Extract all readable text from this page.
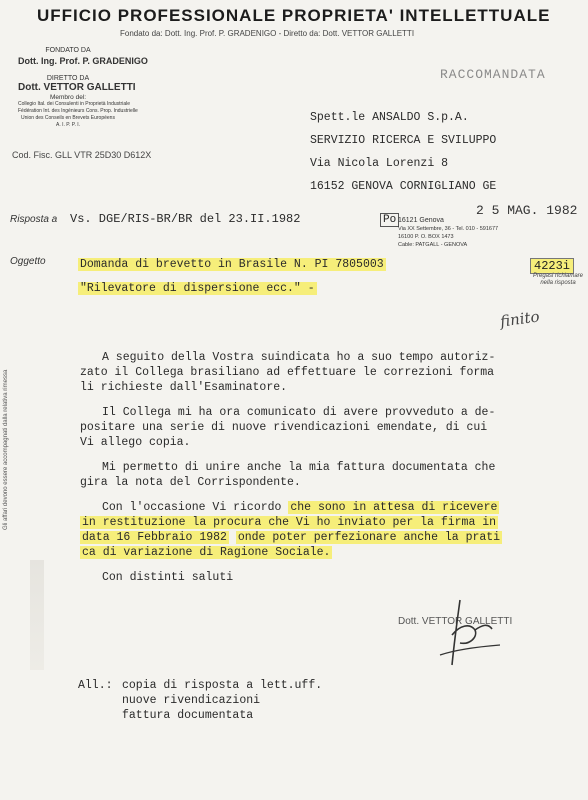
UFFICIO PROFESSIONALE PROPRIETA' INTELLETTUALE
Fondato da: Dott. Ing. Prof. P. GRADENIGO - Diretto da: Dott. VETTOR GALLETTI
FONDATO DA
Dott. Ing. Prof. P. GRADENIGO
DIRETTO DA
Dott. VETTOR GALLETTI
Membro del:
Collegio Ital. dei Consulenti in Proprietà Industriale
Fédération Int. des Ingénieurs Cons. Prop. Industrielle
Union des Conseils en Brevets Européens
A. I. P. P. I.
Cod. Fisc. GLL VTR 25D30 D612X
RACCOMANDATA
Spett.le ANSALDO S.p.A.
SERVIZIO RICERCA E SVILUPPO
Via Nicola Lorenzi 8
16152 GENOVA CORNIGLIANO GE
Risposta a Vs. DGE/RIS-BR/BR del 23.II.1982	Po 16121 Genova
Via XX Settembre, 36 - Tel. 010 - 591677
16100 P. O. BOX 1473
Cable: PATGALL - GENOVA
2 5 MAG. 1982
Oggetto	Domanda di brevetto in Brasile N. PI 7805003
"Rilevatore di dispersione ecc." -
4223i
Pregasi richiamare
nella risposta
finito
Gli affari devono essere accompagnati dalla relativa rimessa
A seguito della Vostra suindicata ho a suo tempo autoriz-
zato il Collega brasiliano ad effettuare le correzioni forma
li richieste dall'Esaminatore.
Il Collega mi ha ora comunicato di avere provveduto a de-
positare una serie di nuove rivendicazioni emendate, di cui
Vi allego copia.
Mi permetto di unire anche la mia fattura documentata che
gira la nota del Corrispondente.
Con l'occasione Vi ricordo che sono in attesa di ricevere
in restituzione la procura che Vi ho inviato per la firma in
data 16 Febbraio 1982 onde poter perfezionare anche la prati
ca di variazione di Ragione Sociale.
Con distinti saluti
Dott. VETTOR GALLETTI
All.: copia di risposta a lett.uff.
nuove rivendicazioni
fattura documentata
